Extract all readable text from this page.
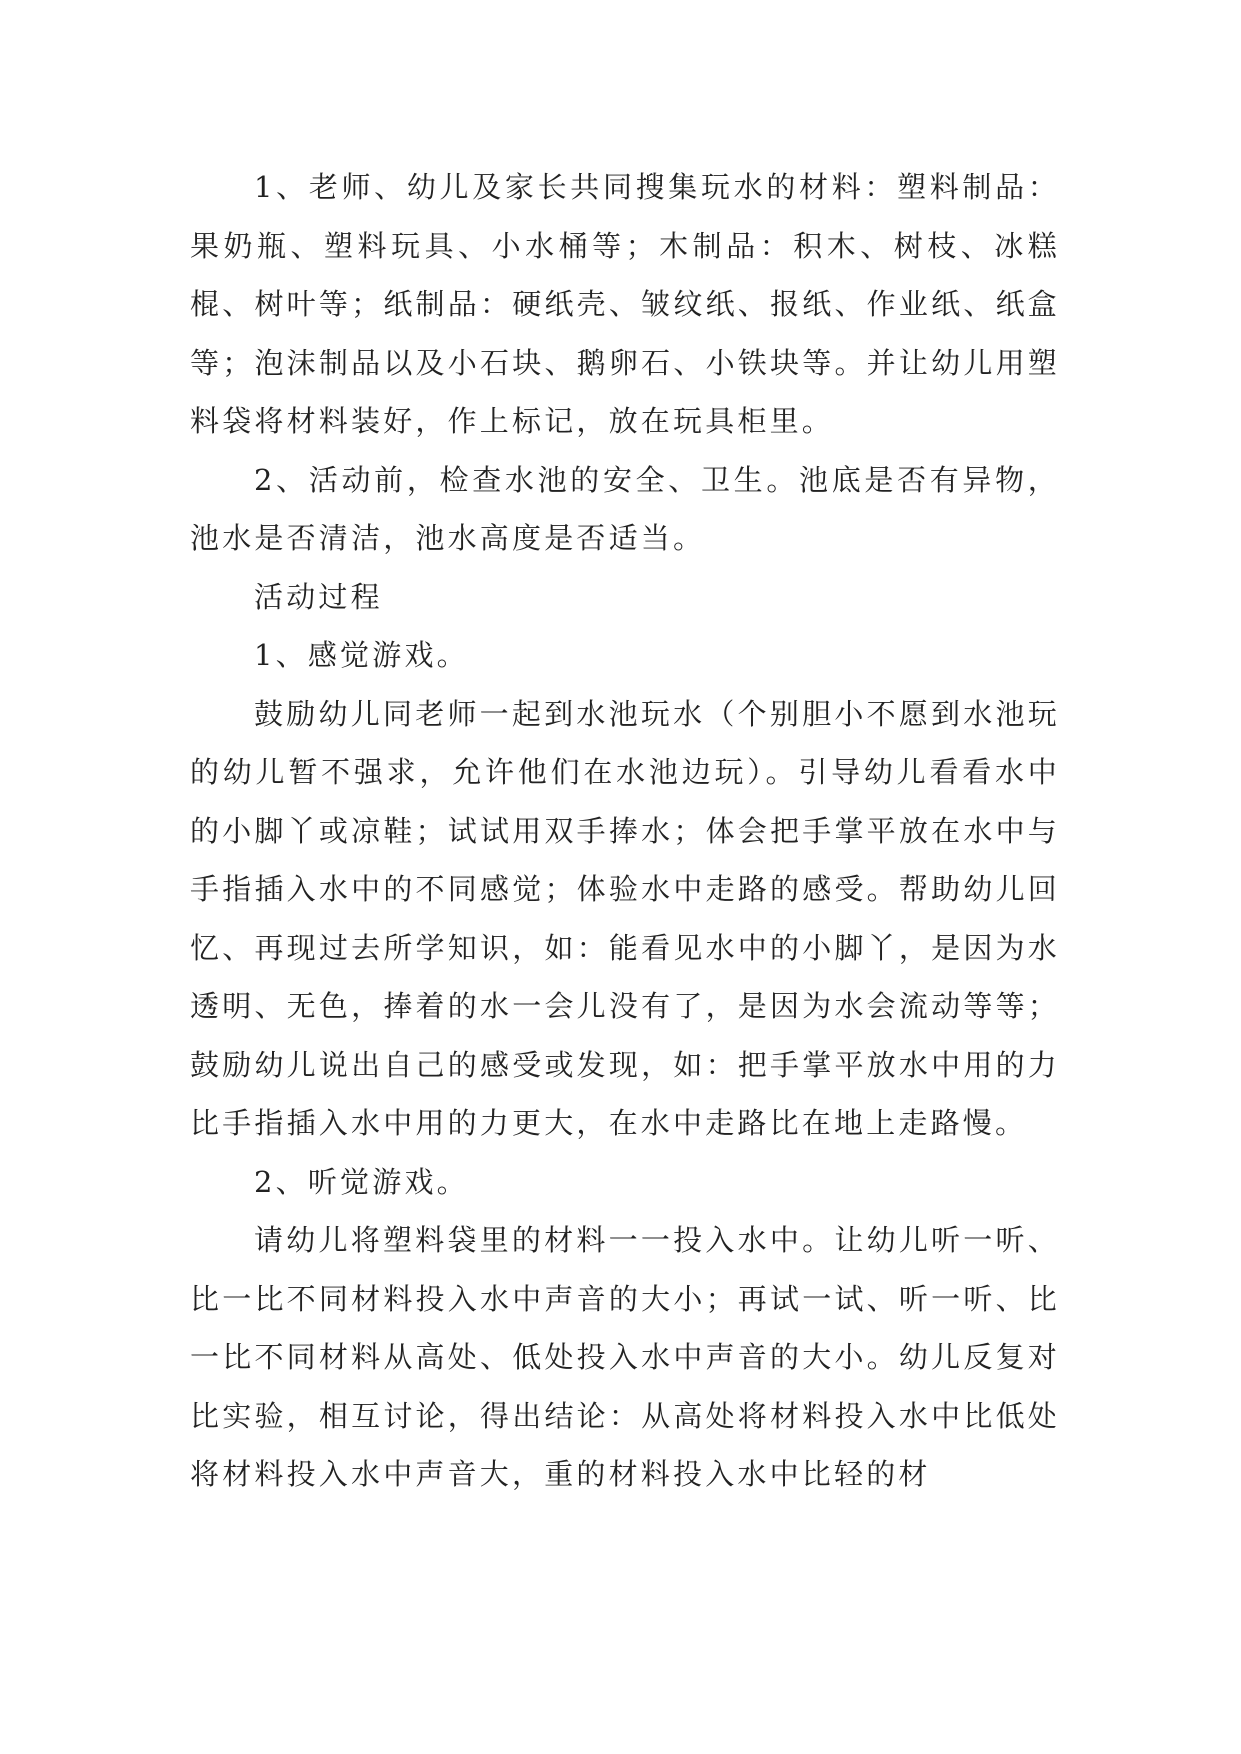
1、老师、幼儿及家长共同搜集玩水的材料：塑料制品：果奶瓶、塑料玩具、小水桶等；木制品：积木、树枝、冰糕棍、树叶等；纸制品：硬纸壳、皱纹纸、报纸、作业纸、纸盒等；泡沫制品以及小石块、鹅卵石、小铁块等。并让幼儿用塑料袋将材料装好，作上标记，放在玩具柜里。

2、活动前，检查水池的安全、卫生。池底是否有异物，池水是否清洁，池水高度是否适当。

活动过程

1、感觉游戏。

鼓励幼儿同老师一起到水池玩水（个别胆小不愿到水池玩的幼儿暂不强求，允许他们在水池边玩）。引导幼儿看看水中的小脚丫或凉鞋；试试用双手捧水；体会把手掌平放在水中与手指插入水中的不同感觉；体验水中走路的感受。帮助幼儿回忆、再现过去所学知识，如：能看见水中的小脚丫，是因为水透明、无色，捧着的水一会儿没有了，是因为水会流动等等；鼓励幼儿说出自己的感受或发现，如：把手掌平放水中用的力比手指插入水中用的力更大，在水中走路比在地上走路慢。

2、听觉游戏。

请幼儿将塑料袋里的材料一一投入水中。让幼儿听一听、比一比不同材料投入水中声音的大小；再试一试、听一听、比一比不同材料从高处、低处投入水中声音的大小。幼儿反复对比实验，相互讨论，得出结论：从高处将材料投入水中比低处将材料投入水中声音大，重的材料投入水中比轻的材
